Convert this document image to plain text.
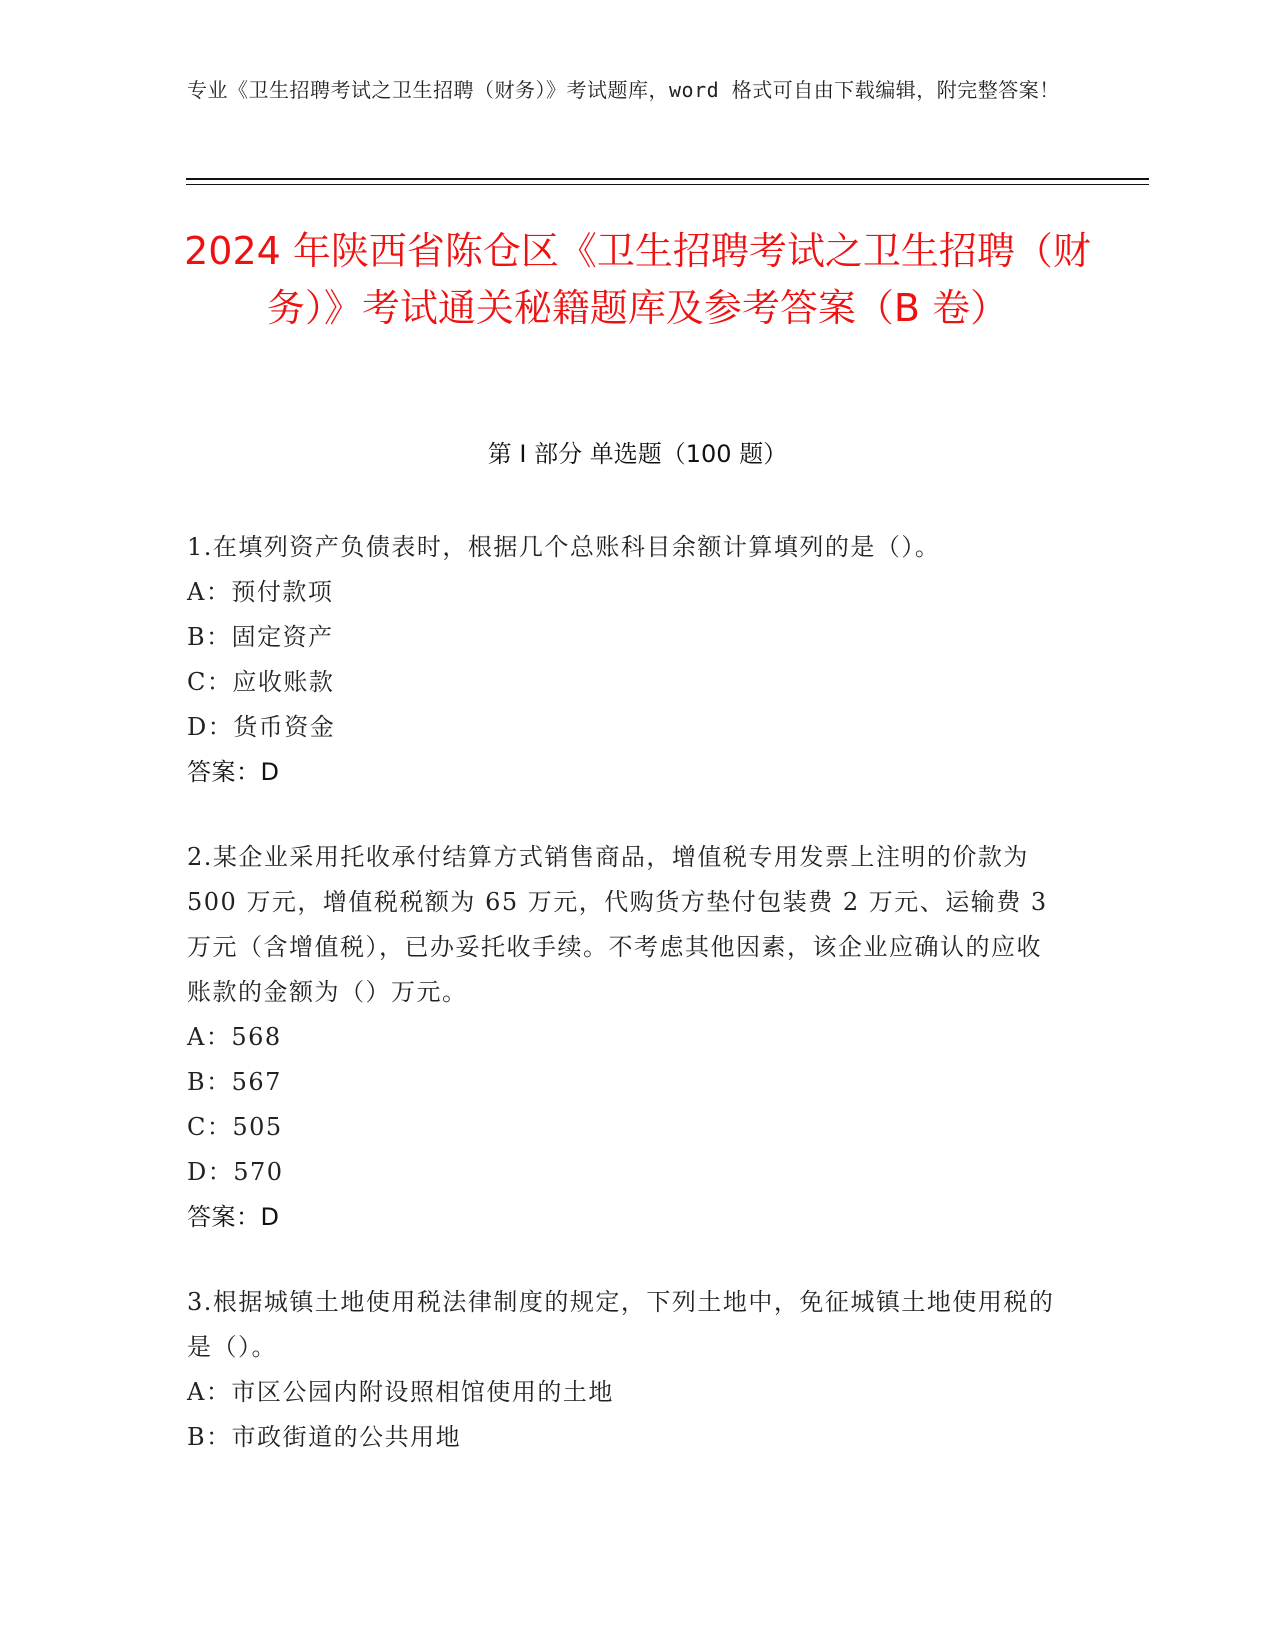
专业《卫生招聘考试之卫生招聘（财务）》考试题库，word 格式可自由下载编辑，附完整答案！
2024 年陕西省陈仓区《卫生招聘考试之卫生招聘（财务）》考试通关秘籍题库及参考答案（B 卷）
第 I 部分 单选题（100 题）
1.在填列资产负债表时，根据几个总账科目余额计算填列的是（）。
A：预付款项
B：固定资产
C：应收账款
D：货币资金
答案：D
2.某企业采用托收承付结算方式销售商品，增值税专用发票上注明的价款为 500 万元，增值税税额为 65 万元，代购货方垫付包装费 2 万元、运输费 3 万元（含增值税），已办妥托收手续。不考虑其他因素，该企业应确认的应收账款的金额为（）万元。
A：568
B：567
C：505
D：570
答案：D
3.根据城镇土地使用税法律制度的规定，下列土地中，免征城镇土地使用税的是（）。
A：市区公园内附设照相馆使用的土地
B：市政街道的公共用地
